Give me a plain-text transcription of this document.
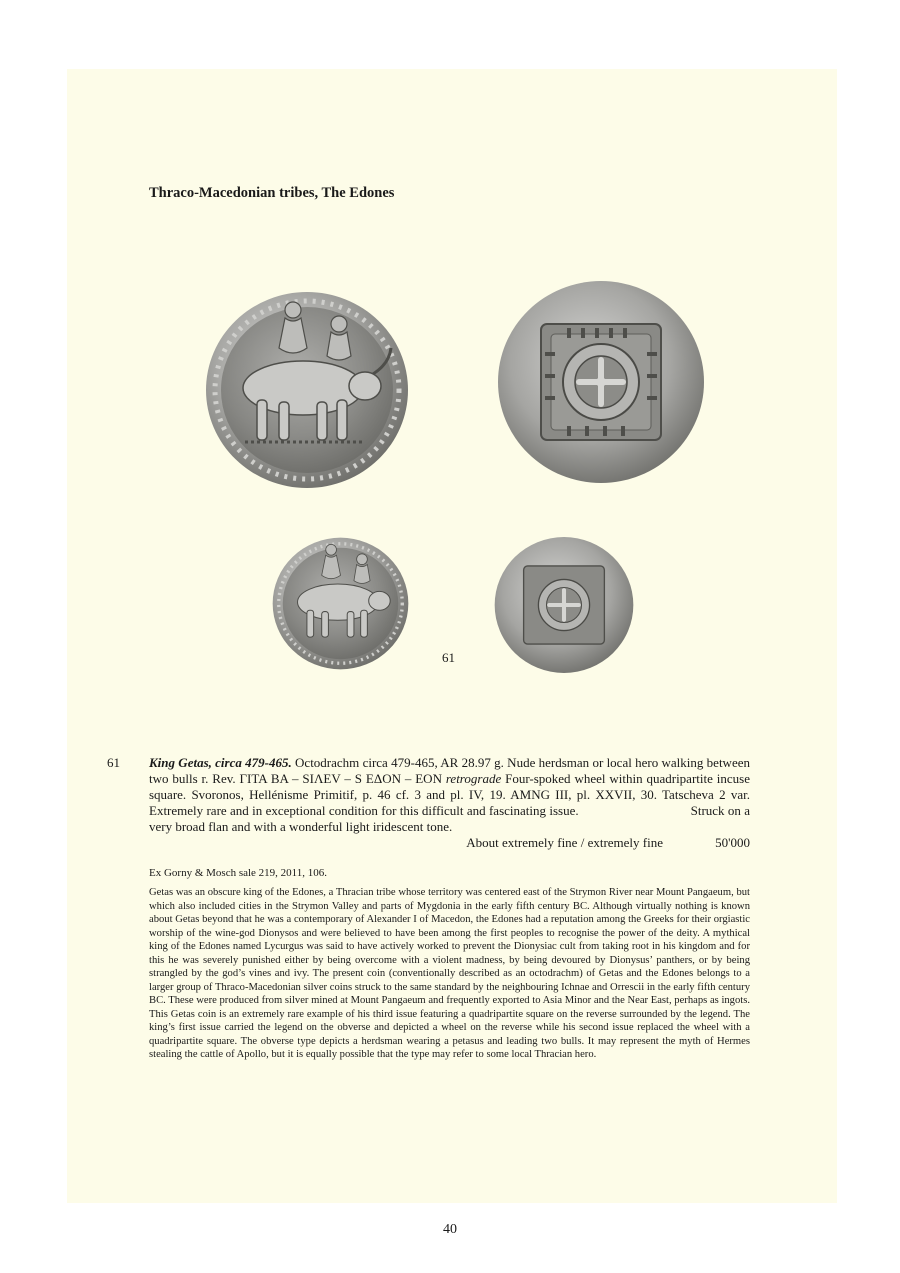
Thraco-Macedonian tribes, The Edones
61
61 King Getas, circa 479-465. Octodrachm circa 479-465, AR 28.97 g. Nude herdsman or local hero walking between two bulls r. Rev. ΓΙΤΑ ΒΑ – SIΛEV – S EΔON – EON retrograde Four-spoked wheel within quadripartite incuse square. Svoronos, Hellénisme Primitif, p. 46 cf. 3 and pl. IV, 19. AMNG III, pl. XXVII, 30. Tatscheva 2 var. Extremely rare and in exceptional condition for this difficult and fascinating issue.	Struck on a very broad flan and with a wonderful light iridescent tone.

About extremely fine / extremely fine	50'000
Ex Gorny & Mosch sale 219, 2011, 106.

Getas was an obscure king of the Edones, a Thracian tribe whose territory was centered east of the Strymon River near Mount Pangaeum, but which also included cities in the Strymon Valley and parts of Mygdonia in the early fifth century BC. Although virtually nothing is known about Getas beyond that he was a contemporary of Alexander I of Macedon, the Edones had a reputation among the Greeks for their orgiastic worship of the wine-god Dionysos and were believed to have been among the first peoples to recognise the power of the deity. A mythical king of the Edones named Lycurgus was said to have actively worked to prevent the Dionysiac cult from taking root in his kingdom and for this he was severely punished either by being overcome with a violent madness, by being devoured by Dionysus’ panthers, or by being strangled by the god’s vines and ivy. The present coin (conventionally described as an octodrachm) of Getas and the Edones belongs to a larger group of Thraco-Macedonian silver coins struck to the same standard by the neighbouring Ichnae and Orrescii in the early fifth century BC. These were produced from silver mined at Mount Pangaeum and frequently exported to Asia Minor and the Near East, perhaps as ingots. This Getas coin is an extremely rare example of his third issue featuring a quadripartite square on the reverse surrounded by the legend. The king’s first issue carried the legend on the obverse and depicted a wheel on the reverse while his second issue replaced the wheel with a quadripartite square. The obverse type depicts a herdsman wearing a petasus and leading two bulls. It may represent the myth of Hermes stealing the cattle of Apollo, but it is equally possible that the type may refer to some local Thracian hero.

40
